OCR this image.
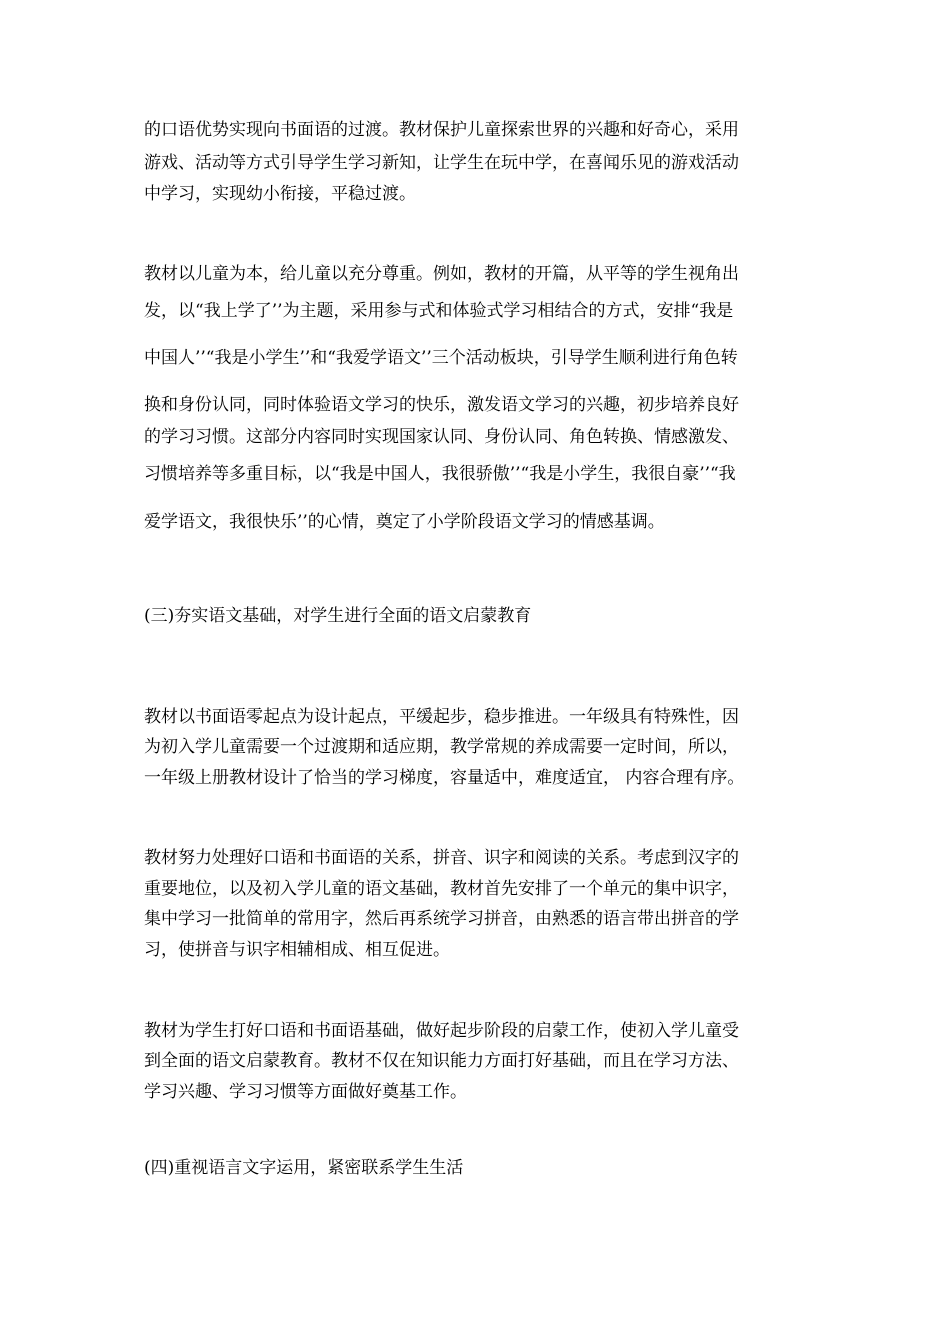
的口语优势实现向书面语的过渡。教材保护儿童探索世界的兴趣和好奇心，采用

游戏、活动等方式引导学生学习新知，让学生在玩中学，在喜闻乐见的游戏活动

中学习，实现幼小衔接，平稳过渡。

教材以儿童为本，给儿童以充分尊重。例如，教材的开篇，从平等的学生视角出

发，以“我上学了’’为主题，采用参与式和体验式学习相结合的方式，安排“我是

中国人’’“我是小学生’’和“我爱学语文’’三个活动板块，引导学生顺利进行角色转

换和身份认同，同时体验语文学习的快乐，激发语文学习的兴趣，初步培养良好

的学习习惯。这部分内容同时实现国家认同、身份认同、角色转换、情感激发、

习惯培养等多重目标，以“我是中国人，我很骄傲’’“我是小学生，我很自豪’’“我

爱学语文，我很快乐’’的心情，奠定了小学阶段语文学习的情感基调。

(三)夯实语文基础，对学生进行全面的语文启蒙教育

教材以书面语零起点为设计起点，平缓起步，稳步推进。一年级具有特殊性，因

为初入学儿童需要一个过渡期和适应期，教学常规的养成需要一定时间，所以，

一年级上册教材设计了恰当的学习梯度，容量适中，难度适宜， 内容合理有序。

教材努力处理好口语和书面语的关系，拼音、识字和阅读的关系。考虑到汉字的

重要地位，以及初入学儿童的语文基础，教材首先安排了一个单元的集中识字，

集中学习一批简单的常用字，然后再系统学习拼音，由熟悉的语言带出拼音的学

习，使拼音与识字相辅相成、相互促进。

教材为学生打好口语和书面语基础，做好起步阶段的启蒙工作，使初入学儿童受

到全面的语文启蒙教育。教材不仅在知识能力方面打好基础，而且在学习方法、

学习兴趣、学习习惯等方面做好奠基工作。

(四)重视语言文字运用，紧密联系学生生活
